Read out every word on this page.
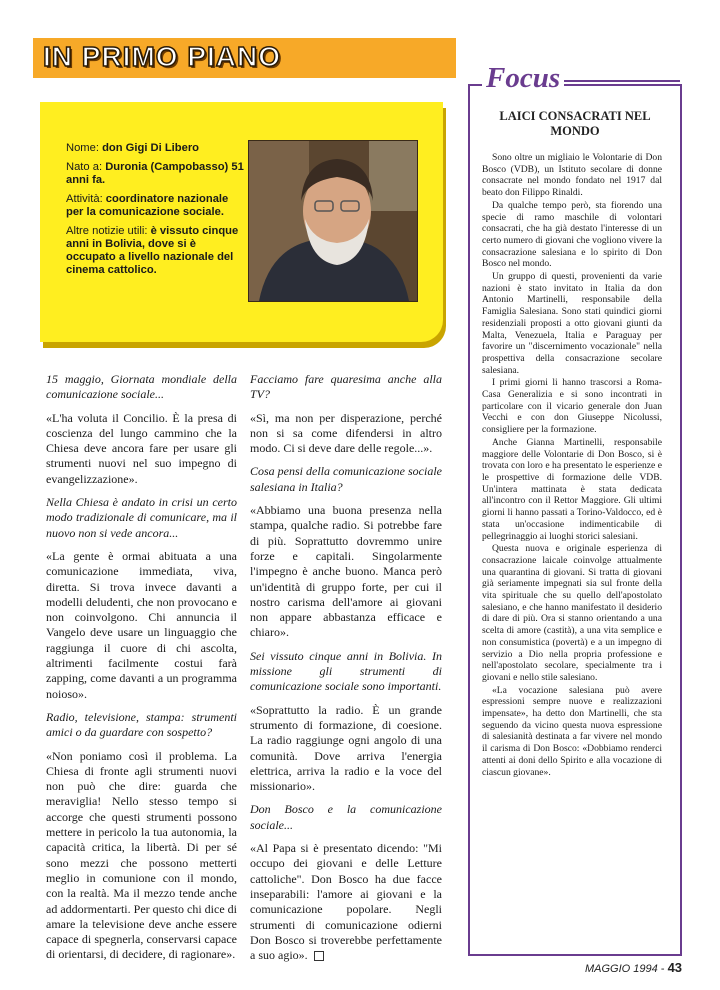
IN PRIMO PIANO

Nome: don Gigi Di Libero

Nato a: Duronia (Campobasso) 51 anni fa.

Attività: coordinatore nazionale per la comunicazione sociale.

Altre notizie utili: è vissuto cinque anni in Bolivia, dove si è occupato a livello nazionale del cinema cattolico.

15 maggio, Giornata mondiale della comunicazione sociale...

«L'ha voluta il Concilio. È la presa di coscienza del lungo cammino che la Chiesa deve ancora fare per usare gli strumenti nuovi nel suo impegno di evangelizzazione».

Nella Chiesa è andato in crisi un certo modo tradizionale di comunicare, ma il nuovo non si vede ancora...

«La gente è ormai abituata a una comunicazione immediata, viva, diretta. Si trova invece davanti a modelli deludenti, che non provocano e non coinvolgono. Chi annuncia il Vangelo deve usare un linguaggio che raggiunga il cuore di chi ascolta, altrimenti facilmente costui farà zapping, come davanti a un programma noioso».

Radio, televisione, stampa: strumenti amici o da guardare con sospetto?

«Non poniamo così il problema. La Chiesa di fronte agli strumenti nuovi non può che dire: guarda che meraviglia! Nello stesso tempo si accorge che questi strumenti possono mettere in pericolo la tua autonomia, la capacità critica, la libertà. Di per sé sono mezzi che possono metterti meglio in comunione con il mondo, con la realtà. Ma il mezzo tende anche ad addormentarti. Per questo chi dice di amare la televisione deve anche essere capace di spegnerla, conservarsi capace di orientarsi, di decidere, di ragionare».

Facciamo fare quaresima anche alla TV?

«Sì, ma non per disperazione, perché non si sa come difendersi in altro modo. Ci si deve dare delle regole...».

Cosa pensi della comunicazione sociale salesiana in Italia?

«Abbiamo una buona presenza nella stampa, qualche radio. Si potrebbe fare di più. Soprattutto dovremmo unire forze e capitali. Singolarmente l'impegno è anche buono. Manca però un'identità di gruppo forte, per cui il nostro carisma dell'amore ai giovani non appare abbastanza efficace e chiaro».

Sei vissuto cinque anni in Bolivia. In missione gli strumenti di comunicazione sociale sono importanti.

«Soprattutto la radio. È un grande strumento di formazione, di coesione. La radio raggiunge ogni angolo di una comunità. Dove arriva l'energia elettrica, arriva la radio e la voce del missionario».

Don Bosco e la comunicazione sociale...

«Al Papa si è presentato dicendo: "Mi occupo dei giovani e delle Letture cattoliche". Don Bosco ha due facce inseparabili: l'amore ai giovani e la comunicazione popolare. Negli strumenti di comunicazione odierni Don Bosco si troverebbe perfettamente a suo agio».

Focus
LAICI CONSACRATI NEL MONDO

Sono oltre un migliaio le Volontarie di Don Bosco (VDB), un Istituto secolare di donne consacrate nel mondo fondato nel 1917 dal beato don Filippo Rinaldi.

Da qualche tempo però, sta fiorendo una specie di ramo maschile di volontari consacrati, che ha già destato l'interesse di un certo numero di giovani che vogliono vivere la consacrazione salesiana e lo spirito di Don Bosco nel mondo.

Un gruppo di questi, provenienti da varie nazioni è stato invitato in Italia da don Antonio Martinelli, responsabile della Famiglia Salesiana. Sono stati quindici giorni residenziali proposti a otto giovani giunti da Malta, Venezuela, Italia e Paraguay per favorire un "discernimento vocazionale" nella prospettiva della consacrazione secolare salesiana.

I primi giorni li hanno trascorsi a Roma-Casa Generalizia e si sono incontrati in particolare con il vicario generale don Juan Vecchi e con don Giuseppe Nicolussi, consigliere per la formazione.

Anche Gianna Martinelli, responsabile maggiore delle Volontarie di Don Bosco, si è trovata con loro e ha presentato le esperienze e le prospettive di formazione delle VDB. Un'intera mattinata è stata dedicata all'incontro con il Rettor Maggiore. Gli ultimi giorni li hanno passati a Torino-Valdocco, ed è stata un'occasione indimenticabile di pellegrinaggio ai luoghi storici salesiani.

Questa nuova e originale esperienza di consacrazione laicale coinvolge attualmente una quarantina di giovani. Si tratta di giovani già seriamente impegnati sia sul fronte della vita spirituale che su quello dell'apostolato salesiano, e che hanno manifestato il desiderio di dare di più. Ora si stanno orientando a una scelta di amore (castità), a una vita semplice e non consumistica (povertà) e a un impegno di servizio a Dio nella propria professione e nell'apostolato secolare, specialmente tra i giovani e nello stile salesiano.

«La vocazione salesiana può avere espressioni sempre nuove e realizzazioni impensate», ha detto don Martinelli, che sta seguendo da vicino questa nuova espressione di salesianità destinata a far vivere nel mondo il carisma di Don Bosco: «Dobbiamo renderci attenti ai doni dello Spirito e alla vocazione di ciascun giovane».

MAGGIO 1994 - 43
